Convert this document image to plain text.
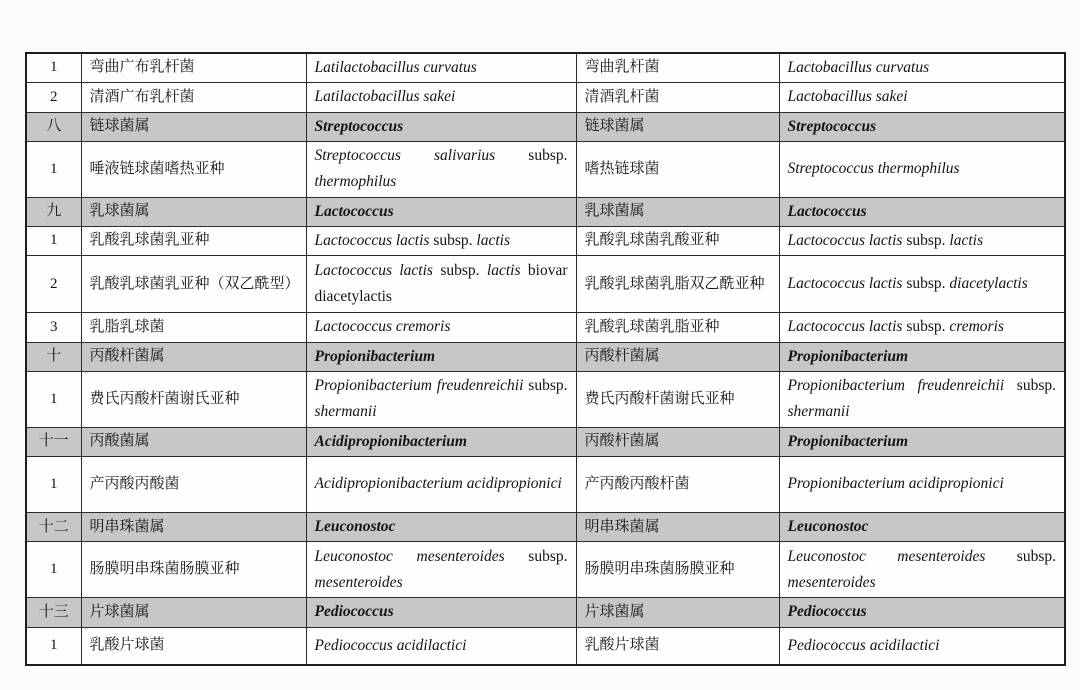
1	弯曲广布乳杆菌	Latilactobacillus curvatus	弯曲乳杆菌	Lactobacillus curvatus
2	清酒广布乳杆菌	Latilactobacillus sakei	清酒乳杆菌	Lactobacillus sakei
八	链球菌属	Streptococcus	链球菌属	Streptococcus
1	唾液链球菌嗜热亚种	Streptococcus salivarius subsp. thermophilus	嗜热链球菌	Streptococcus thermophilus
九	乳球菌属	Lactococcus	乳球菌属	Lactococcus
1	乳酸乳球菌乳亚种	Lactococcus lactis subsp. lactis	乳酸乳球菌乳酸亚种	Lactococcus lactis subsp. lactis
2	乳酸乳球菌乳亚种（双乙酰型）	Lactococcus lactis subsp. lactis biovar diacetylactis	乳酸乳球菌乳脂双乙酰亚种	Lactococcus lactis subsp. diacetylactis
3	乳脂乳球菌	Lactococcus cremoris	乳酸乳球菌乳脂亚种	Lactococcus lactis subsp. cremoris
十	丙酸杆菌属	Propionibacterium	丙酸杆菌属	Propionibacterium
1	费氏丙酸杆菌谢氏亚种	Propionibacterium freudenreichii subsp. shermanii	费氏丙酸杆菌谢氏亚种	Propionibacterium freudenreichii subsp. shermanii
十一	丙酸菌属	Acidipropionibacterium	丙酸杆菌属	Propionibacterium
1	产丙酸丙酸菌	Acidipropionibacterium acidipropionici	产丙酸丙酸杆菌	Propionibacterium acidipropionici
十二	明串珠菌属	Leuconostoc	明串珠菌属	Leuconostoc
1	肠膜明串珠菌肠膜亚种	Leuconostoc mesenteroides subsp. mesenteroides	肠膜明串珠菌肠膜亚种	Leuconostoc mesenteroides subsp. mesenteroides
十三	片球菌属	Pediococcus	片球菌属	Pediococcus
1	乳酸片球菌	Pediococcus acidilactici	乳酸片球菌	Pediococcus acidilactici
